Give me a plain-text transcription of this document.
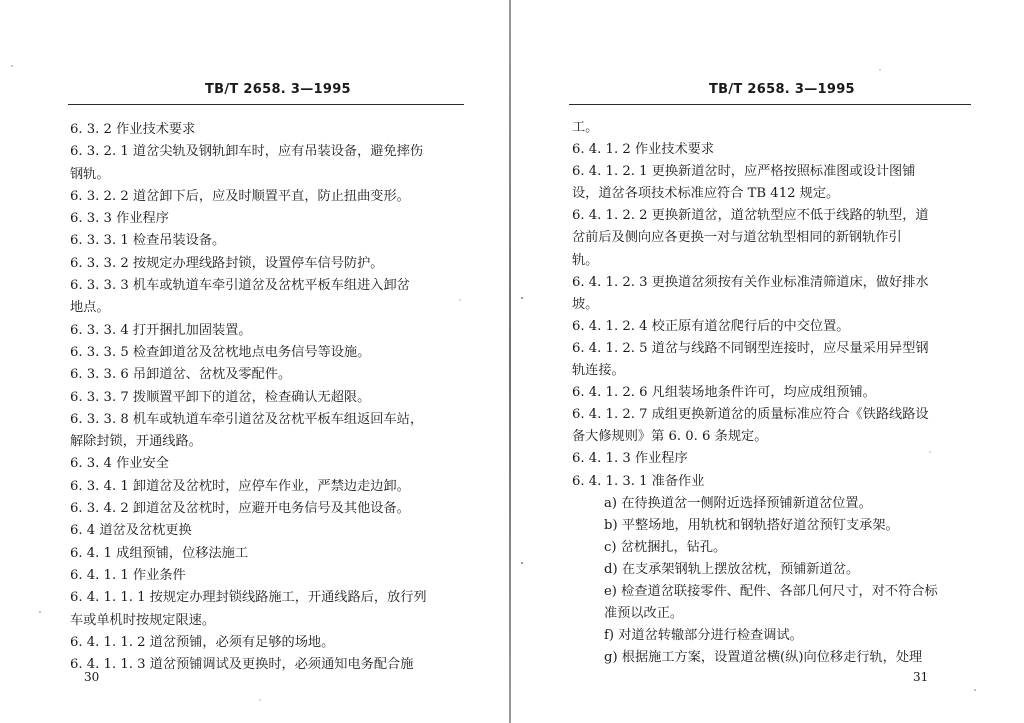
TB/T 2658. 3—1995
6. 3. 2 作业技术要求
6. 3. 2. 1 道岔尖轨及钢轨卸车时，应有吊装设备，避免摔伤
钢轨。
6. 3. 2. 2 道岔卸下后，应及时顺置平直，防止扭曲变形。
6. 3. 3 作业程序
6. 3. 3. 1 检查吊装设备。
6. 3. 3. 2 按规定办理线路封锁，设置停车信号防护。
6. 3. 3. 3 机车或轨道车牵引道岔及岔枕平板车组进入卸岔
地点。
6. 3. 3. 4 打开捆扎加固装置。
6. 3. 3. 5 检查卸道岔及岔枕地点电务信号等设施。
6. 3. 3. 6 吊卸道岔、岔枕及零配件。
6. 3. 3. 7 拨顺置平卸下的道岔，检查确认无超限。
6. 3. 3. 8 机车或轨道车牵引道岔及岔枕平板车组返回车站，
解除封锁，开通线路。
6. 3. 4 作业安全
6. 3. 4. 1 卸道岔及岔枕时，应停车作业，严禁边走边卸。
6. 3. 4. 2 卸道岔及岔枕时，应避开电务信号及其他设备。
6. 4 道岔及岔枕更换
6. 4. 1 成组预铺，位移法施工
6. 4. 1. 1 作业条件
6. 4. 1. 1. 1 按规定办理封锁线路施工，开通线路后，放行列
车或单机时按规定限速。
6. 4. 1. 1. 2 道岔预铺，必须有足够的场地。
6. 4. 1. 1. 3 道岔预铺调试及更换时，必须通知电务配合施
30
TB/T 2658. 3—1995
工。
6. 4. 1. 2 作业技术要求
6. 4. 1. 2. 1 更换新道岔时，应严格按照标准图或设计图铺
设，道岔各项技术标准应符合 TB 412 规定。
6. 4. 1. 2. 2 更换新道岔，道岔轨型应不低于线路的轨型，道
岔前后及侧向应各更换一对与道岔轨型相同的新钢轨作引
轨。
6. 4. 1. 2. 3 更换道岔须按有关作业标准清筛道床，做好排水
坡。
6. 4. 1. 2. 4 校正原有道岔爬行后的中交位置。
6. 4. 1. 2. 5 道岔与线路不同钢型连接时，应尽量采用异型钢
轨连接。
6. 4. 1. 2. 6 凡组装场地条件许可，均应成组预铺。
6. 4. 1. 2. 7 成组更换新道岔的质量标准应符合《铁路线路设
备大修规则》第 6. 0. 6 条规定。
6. 4. 1. 3 作业程序
6. 4. 1. 3. 1 准备作业
a) 在待换道岔一侧附近选择预铺新道岔位置。
b) 平整场地，用轨枕和钢轨搭好道岔预钉支承架。
c) 岔枕捆扎，钻孔。
d) 在支承架钢轨上摆放岔枕，预铺新道岔。
e) 检查道岔联接零件、配件、各部几何尺寸，对不符合标
准预以改正。
f) 对道岔转辙部分进行检查调试。
g) 根据施工方案，设置道岔横(纵)向位移走行轨，处理
31
